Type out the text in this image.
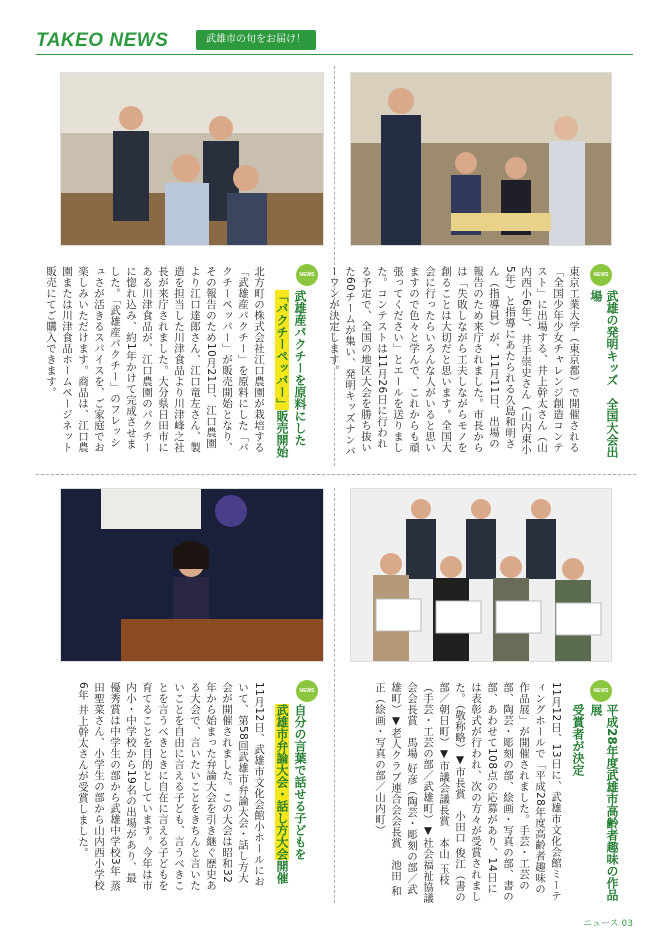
TAKEO NEWS	武雄市の旬をお届け！
NEWS
武雄産パクチーを原料にした
「パクチーペッパー」販売開始
北方町の株式会社江口農園が栽培する「武雄産パクチー」を原料にした「パクチーペッパー」が販売開始となり、その報告のため10月21日、江口農園より江口達郎さん、江口竜左さん、製造を担当した川津食品より川津峰之社長が来庁されました。大分県日田市にある川津食品が、江口農園のパクチーに惚れ込み、約1年かけて完成させました。「武雄産パクチー」のフレッシュさが活きるスパイスを、ご家庭でお楽しみいただけます。商品は、江口農園または川津食品ホームページネット販売にてご購入できます。	NEWS
武雄の発明キッズ　全国大会出場
東京工業大学（東京都）で開催される「全国少年少女チャレンジ創造コンテスト」に出場する、井上幹太さん（山内西小6年）、井手崇史さん（山内東小5年）と指導にあたられる久島和明さん（指導員）が、11月11日、出場の報告のため来庁されました。市長からは「失敗しながら工夫しながらモノを創ることは大切だと思います。全国大会に行ったらいろんな人がいると思いますので色々と学んで、これからも頑張ってください」とエールを送りました。コンテストは11月26日に行われる予定で、全国の地区大会を勝ち抜いた60チームが集い、発明キッズナンバーワンが決定します。
NEWS
自分の言葉で話せる子どもを
武雄市弁論大会・話し方大会開催
11月12日、武雄市文化会館小ホールにおいて、第58回武雄市弁論大会・話し方大会が開催されました。この大会は昭和32年から始まった弁論大会を引き継ぐ歴史ある大会で、言いたいことをきちんと言いたいことを自由に言える子ども、言うべきことを言うべきときに自在に言える子どもを育てることを目的としています。今年は市内小・中学校から19名の出場があり、最優秀賞は中学生の部から武雄中学校3年 蒸田聖菜さん、小学生の部から山内西小学校6年 井上幹太さんが受賞しました。	NEWS
平成28年度武雄市高齢者趣味の作品展
受賞者が決定
11月12日、13日に、武雄市文化会館ミーティングホールで「平成28年度高齢者趣味の作品展」が開催されました。手芸・工芸の部、陶芸・彫刻の部、絵画・写真の部、書の部、あわせて108点の応募があり、14日には表彰式が行われ、次の方々が受賞されました。（敬称略）▼市長賞　小田口 俊江（書の部／朝日町）▼市議会議長賞　本山 玉枝（手芸・工芸の部／武雄町）▼社会福祉協議会会長賞　馬場 好彦（陶芸・彫刻の部／武雄町）▼老人クラブ連合会会長賞　池田 和正（絵画・写真の部／山内町）
ニュース 03
